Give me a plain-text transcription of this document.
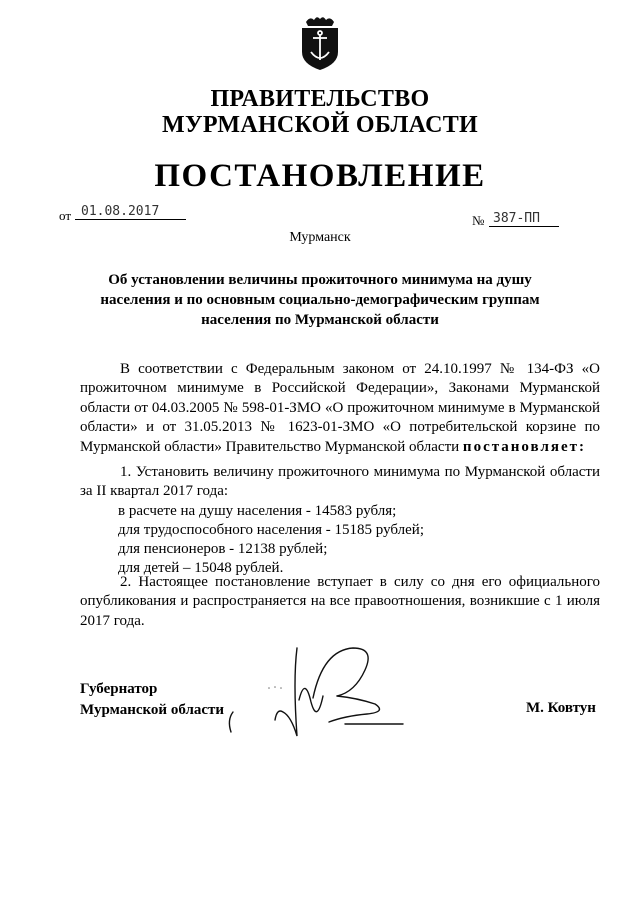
ПРАВИТЕЛЬСТВО
МУРМАНСКОЙ ОБЛАСТИ
ПОСТАНОВЛЕНИЕ
от 01.08.2017
№ 387-ПП
Мурманск
Об установлении величины прожиточного минимума на душу населения и по основным социально-демографическим группам населения по Мурманской области
В соответствии с Федеральным законом от 24.10.1997 № 134-ФЗ «О прожиточном минимуме в Российской Федерации», Законами Мурманской области от 04.03.2005 № 598-01-ЗМО «О прожиточном минимуме в Мурманской области» и от 31.05.2013 № 1623-01-ЗМО «О потребительской корзине по Мурманской области» Правительство Мурманской области постановляет:
1. Установить величину прожиточного минимума по Мурманской области за II квартал 2017 года:
в расчете на душу населения - 14583 рубля;
для трудоспособного населения - 15185 рублей;
для пенсионеров - 12138 рублей;
для детей – 15048 рублей.
2. Настоящее постановление вступает в силу со дня его официального опубликования и распространяется на все правоотношения, возникшие с 1 июля 2017 года.
Губернатор
Мурманской области	М. Ковтун
